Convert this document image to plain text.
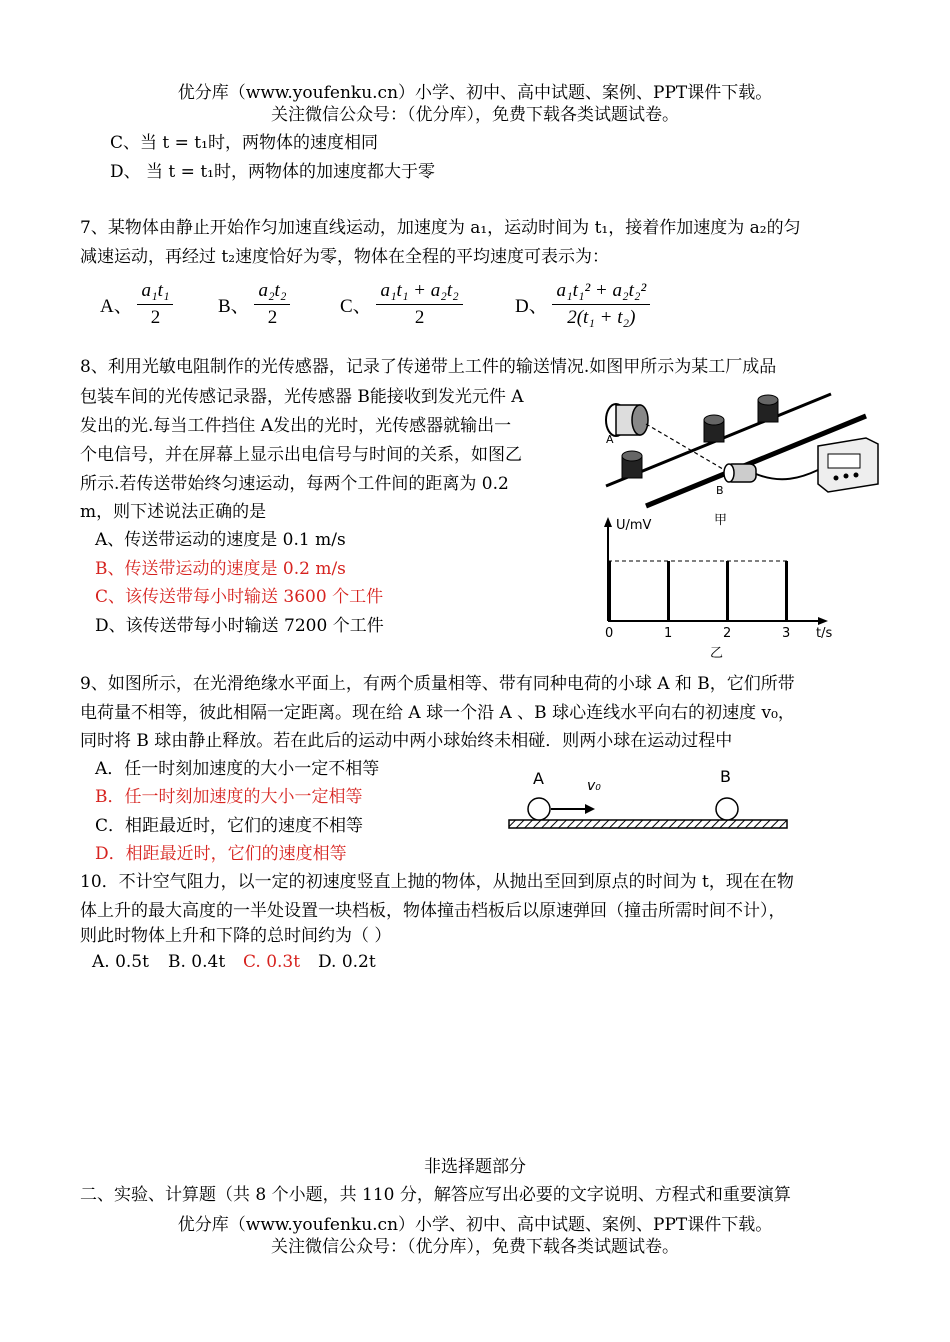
优分库（www.youfenku.cn）小学、初中、高中试题、案例、PPT课件下载。
关注微信公众号：（优分库），免费下载各类试题试卷。
C、当 t = t₁时，两物体的速度相同
D、 当 t = t₁时，两物体的加速度都大于零
7、某物体由静止开始作匀加速直线运动，加速度为 a₁，运动时间为 t₁，接着作加速度为 a₂的匀
减速运动，再经过 t₂速度恰好为零，物体在全程的平均速度可表示为：
A、 $\frac{\text{a₁t₁}}{2}$ B、 $\frac{\text{a₂t₂}}{2}$	C、 $\frac{\text{a₁t₁ + a₂t₂}}{2}$	D、 $\frac{\text{a₁t₁² + a₂t₂²}}{\text{2(t₁ + t₂)}}$
8、利用光敏电阻制作的光传感器，记录了传递带上工件的输送情况.如图甲所示为某工厂成品
包装车间的光传感记录器，光传感器 B能接收到发光元件 A
发出的光.每当工件挡住 A发出的光时，光传感器就输出一
个电信号，并在屏幕上显示出电信号与时间的关系，如图乙
所示.若传送带始终匀速运动，每两个工件间的距离为 0.2
m，则下述说法正确的是
A、传送带运动的速度是 0.1 m/s
B、传送带运动的速度是 0.2 m/s
C、该传送带每小时输送 3600 个工件
D、该传送带每小时输送 7200 个工件
A
B
甲
U/mV
t/s
0	1	2	3
乙
9、如图所示，在光滑绝缘水平面上，有两个质量相等、带有同种电荷的小球 A 和 B，它们所带
电荷量不相等，彼此相隔一定距离。现在给 A 球一个沿 A 、B 球心连线水平向右的初速度 v₀，
同时将 B 球由静止释放。若在此后的运动中两小球始终未相碰．则两小球在运动过程中
A．任一时刻加速度的大小一定不相等
B．任一时刻加速度的大小一定相等
C．相距最近时，它们的速度不相等
D．相距最近时，它们的速度相等
A	B
v₀
10．不计空气阻力，以一定的初速度竖直上抛的物体，从抛出至回到原点的时间为 t，现在在物
体上升的最大高度的一半处设置一块档板，物体撞击档板后以原速弹回（撞击所需时间不计），
则此时物体上升和下降的总时间约为（ ）
A. 0.5t B. 0.4t C. 0.3t D. 0.2t
非选择题部分
二、实验、计算题（共 8 个小题，共 110 分，解答应写出必要的文字说明、方程式和重要演算
优分库（www.youfenku.cn）小学、初中、高中试题、案例、PPT课件下载。
关注微信公众号：（优分库），免费下载各类试题试卷。
